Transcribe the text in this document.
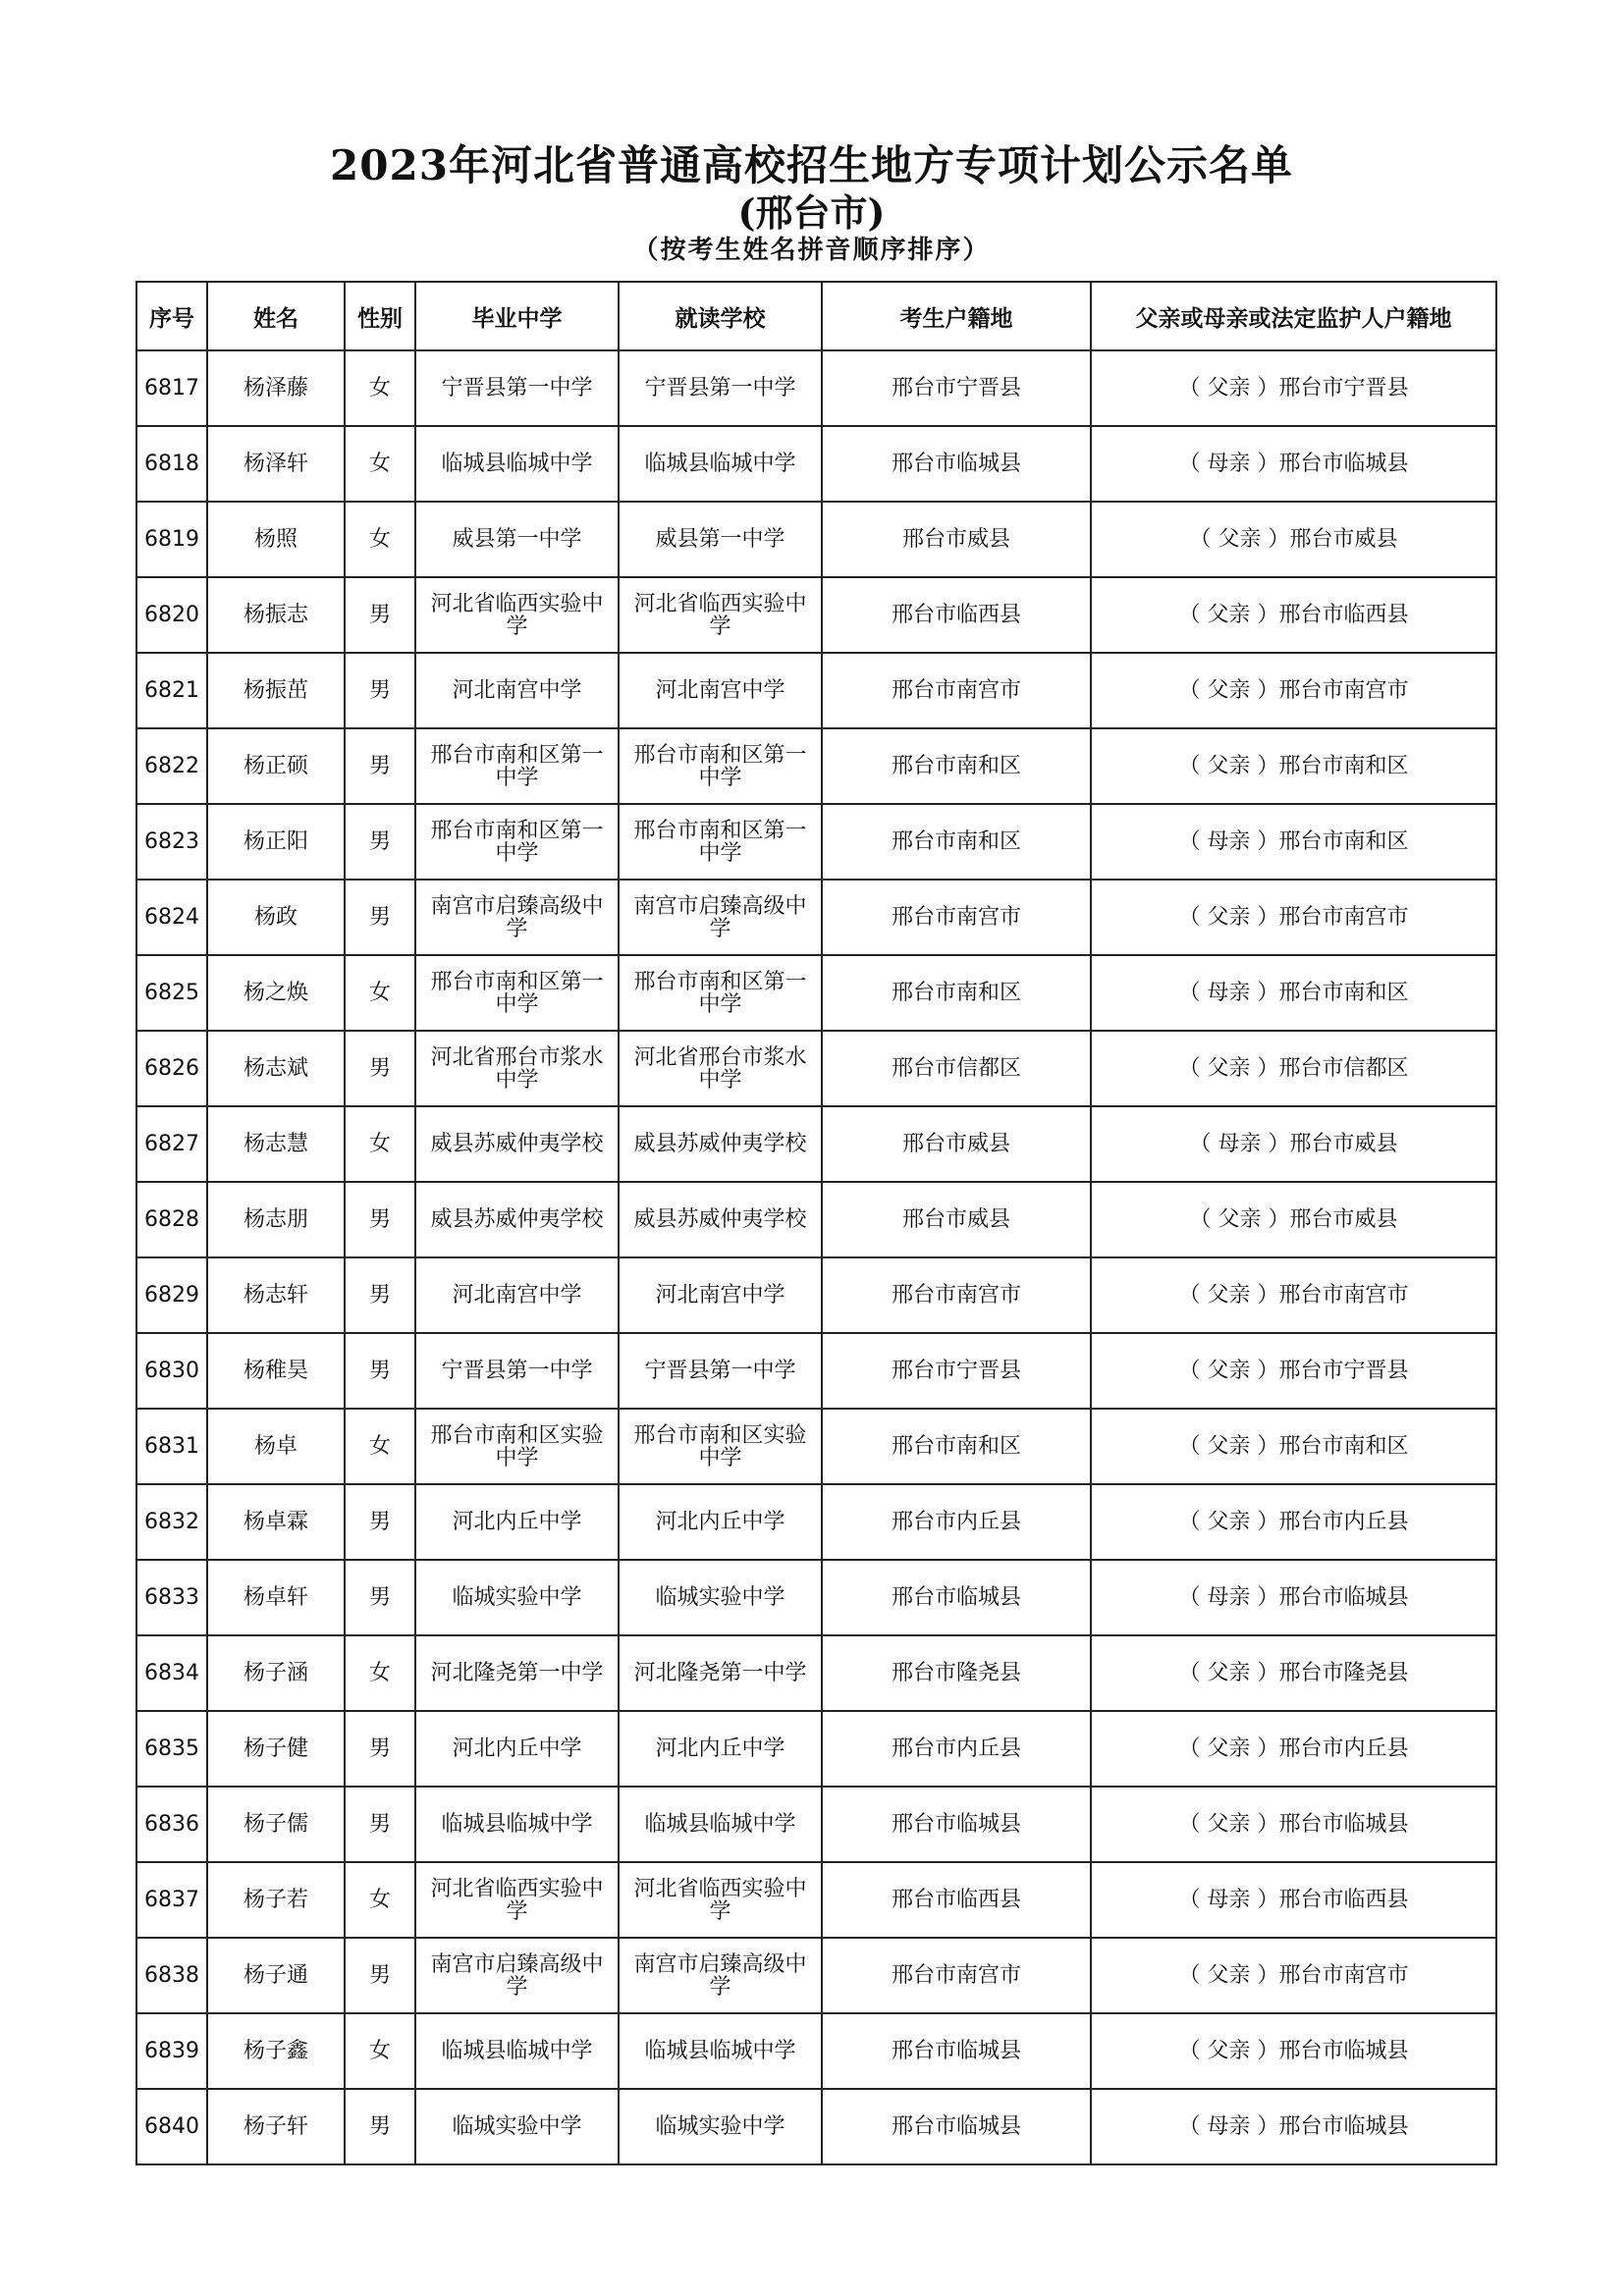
2023年河北省普通高校招生地方专项计划公示名单
(邢台市)
（按考生姓名拼音顺序排序）
序号	姓名	性别	毕业中学	就读学校	考生户籍地	父亲或母亲或法定监护人户籍地
6817	杨泽藤	女	宁晋县第一中学	宁晋县第一中学	邢台市宁晋县	（ 父亲 ）邢台市宁晋县
6818	杨泽轩	女	临城县临城中学	临城县临城中学	邢台市临城县	（ 母亲 ）邢台市临城县
6819	杨照	女	威县第一中学	威县第一中学	邢台市威县	（ 父亲 ）邢台市威县
6820	杨振志	男	河北省临西实验中学	河北省临西实验中学	邢台市临西县	（ 父亲 ）邢台市临西县
6821	杨振茁	男	河北南宫中学	河北南宫中学	邢台市南宫市	（ 父亲 ）邢台市南宫市
6822	杨正硕	男	邢台市南和区第一中学	邢台市南和区第一中学	邢台市南和区	（ 父亲 ）邢台市南和区
6823	杨正阳	男	邢台市南和区第一中学	邢台市南和区第一中学	邢台市南和区	（ 母亲 ）邢台市南和区
6824	杨政	男	南宫市启臻高级中学	南宫市启臻高级中学	邢台市南宫市	（ 父亲 ）邢台市南宫市
6825	杨之焕	女	邢台市南和区第一中学	邢台市南和区第一中学	邢台市南和区	（ 母亲 ）邢台市南和区
6826	杨志斌	男	河北省邢台市浆水中学	河北省邢台市浆水中学	邢台市信都区	（ 父亲 ）邢台市信都区
6827	杨志慧	女	威县苏威仲夷学校	威县苏威仲夷学校	邢台市威县	（ 母亲 ）邢台市威县
6828	杨志朋	男	威县苏威仲夷学校	威县苏威仲夷学校	邢台市威县	（ 父亲 ）邢台市威县
6829	杨志轩	男	河北南宫中学	河北南宫中学	邢台市南宫市	（ 父亲 ）邢台市南宫市
6830	杨稚昊	男	宁晋县第一中学	宁晋县第一中学	邢台市宁晋县	（ 父亲 ）邢台市宁晋县
6831	杨卓	女	邢台市南和区实验中学	邢台市南和区实验中学	邢台市南和区	（ 父亲 ）邢台市南和区
6832	杨卓霖	男	河北内丘中学	河北内丘中学	邢台市内丘县	（ 父亲 ）邢台市内丘县
6833	杨卓轩	男	临城实验中学	临城实验中学	邢台市临城县	（ 母亲 ）邢台市临城县
6834	杨子涵	女	河北隆尧第一中学	河北隆尧第一中学	邢台市隆尧县	（ 父亲 ）邢台市隆尧县
6835	杨子健	男	河北内丘中学	河北内丘中学	邢台市内丘县	（ 父亲 ）邢台市内丘县
6836	杨子儒	男	临城县临城中学	临城县临城中学	邢台市临城县	（ 父亲 ）邢台市临城县
6837	杨子若	女	河北省临西实验中学	河北省临西实验中学	邢台市临西县	（ 母亲 ）邢台市临西县
6838	杨子通	男	南宫市启臻高级中学	南宫市启臻高级中学	邢台市南宫市	（ 父亲 ）邢台市南宫市
6839	杨子鑫	女	临城县临城中学	临城县临城中学	邢台市临城县	（ 父亲 ）邢台市临城县
6840	杨子轩	男	临城实验中学	临城实验中学	邢台市临城县	（ 母亲 ）邢台市临城县
